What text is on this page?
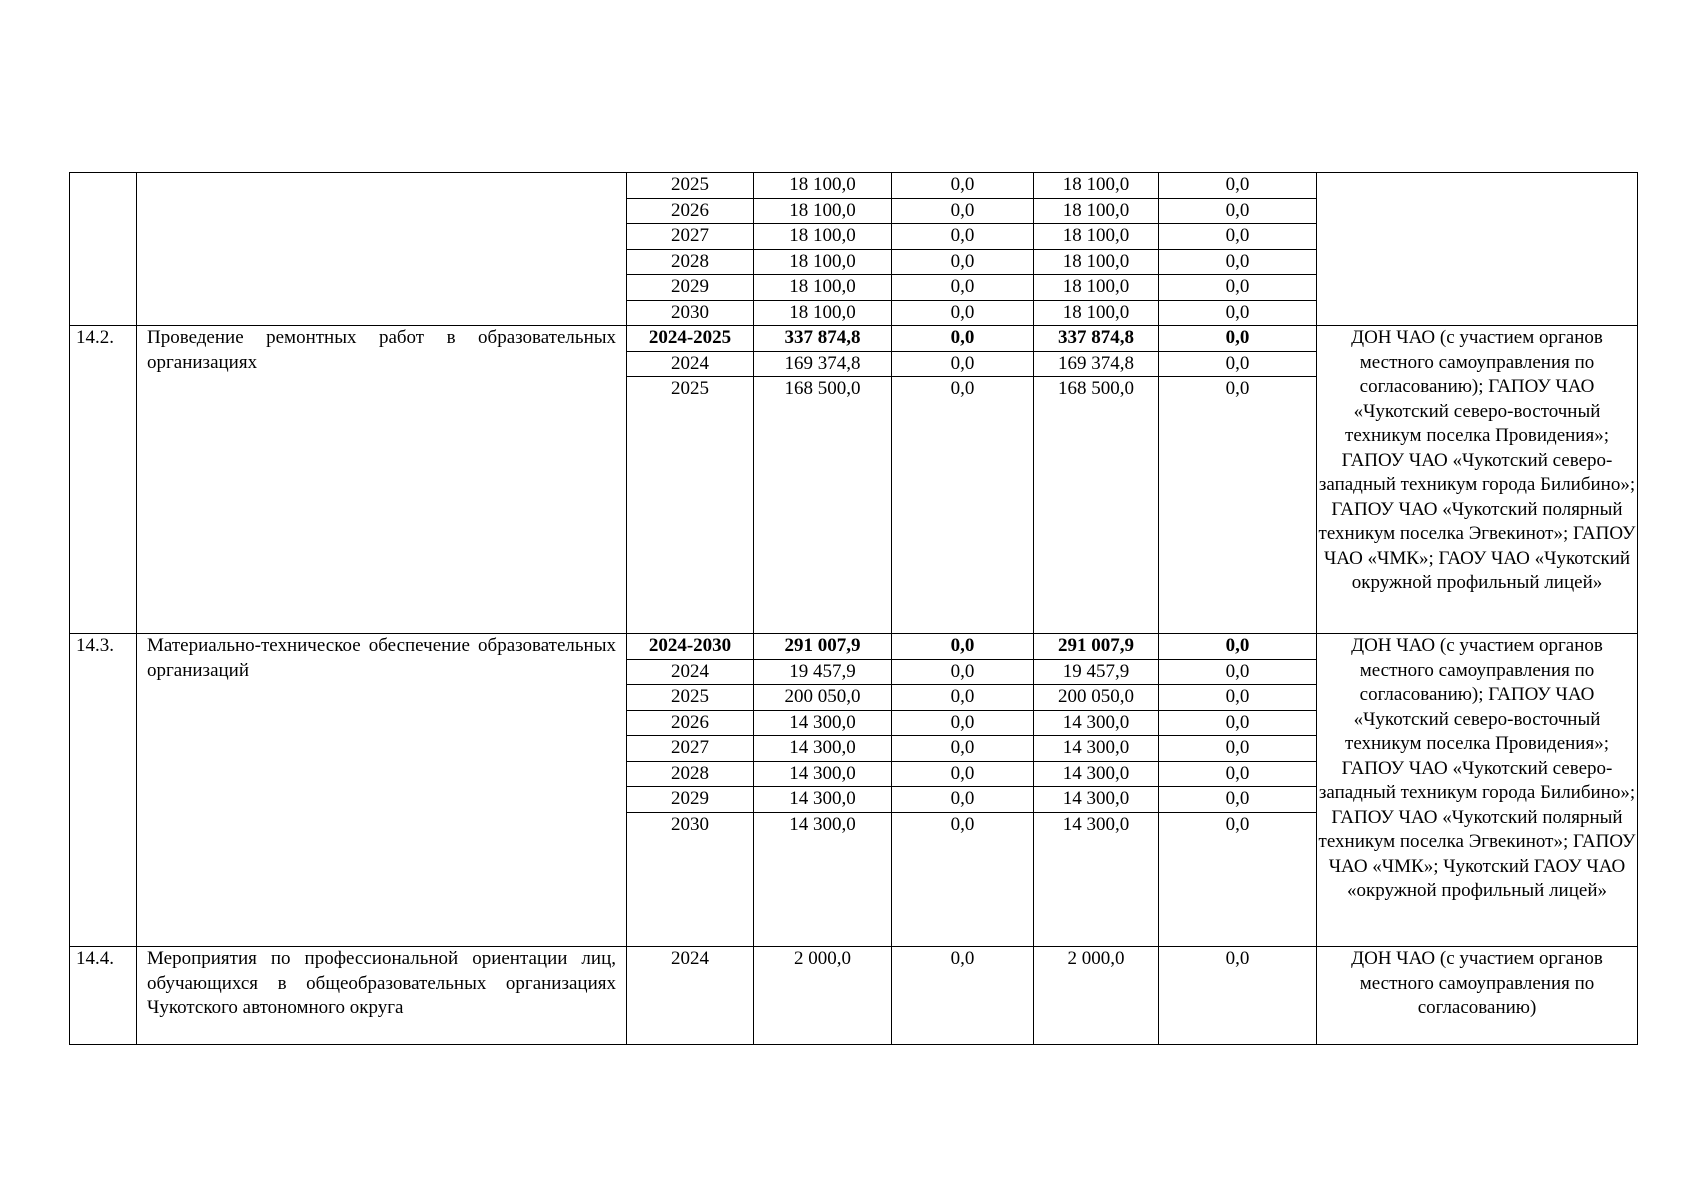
		2025	18 100,0	0,0	18 100,0	0,0	
		2026	18 100,0	0,0	18 100,0	0,0	
		2027	18 100,0	0,0	18 100,0	0,0	
		2028	18 100,0	0,0	18 100,0	0,0	
		2029	18 100,0	0,0	18 100,0	0,0	
		2030	18 100,0	0,0	18 100,0	0,0	
14.2.	Проведение ремонтных работ в образовательных организациях	2024-2025	337 874,8	0,0	337 874,8	0,0	ДОН ЧАО (с участием органов местного самоуправления по согласованию); ГАПОУ ЧАО «Чукотский северо-восточный техникум поселка Провидения»; ГАПОУ ЧАО «Чукотский северо-западный техникум города Билибино»; ГАПОУ ЧАО «Чукотский полярный техникум поселка Эгвекинот»; ГАПОУ ЧАО «ЧМК»; ГАОУ ЧАО «Чукотский окружной профильный лицей»
		2024	169 374,8	0,0	169 374,8	0,0	
		2025	168 500,0	0,0	168 500,0	0,0	
14.3.	Материально-техническое обеспечение образовательных организаций	2024-2030	291 007,9	0,0	291 007,9	0,0	ДОН ЧАО (с участием органов местного самоуправления по согласованию); ГАПОУ ЧАО «Чукотский северо-восточный техникум поселка Провидения»; ГАПОУ ЧАО «Чукотский северо-западный техникум города Билибино»; ГАПОУ ЧАО «Чукотский полярный техникум поселка Эгвекинот»; ГАПОУ ЧАО «ЧМК»; Чукотский ГАОУ ЧАО «окружной профильный лицей»
		2024	19 457,9	0,0	19 457,9	0,0	
		2025	200 050,0	0,0	200 050,0	0,0	
		2026	14 300,0	0,0	14 300,0	0,0	
		2027	14 300,0	0,0	14 300,0	0,0	
		2028	14 300,0	0,0	14 300,0	0,0	
		2029	14 300,0	0,0	14 300,0	0,0	
		2030	14 300,0	0,0	14 300,0	0,0	
14.4.	Мероприятия по профессиональной ориентации лиц, обучающихся в общеобразовательных организациях Чукотского автономного округа	2024	2 000,0	0,0	2 000,0	0,0	ДОН ЧАО (с участием органов местного самоуправления по согласованию)
